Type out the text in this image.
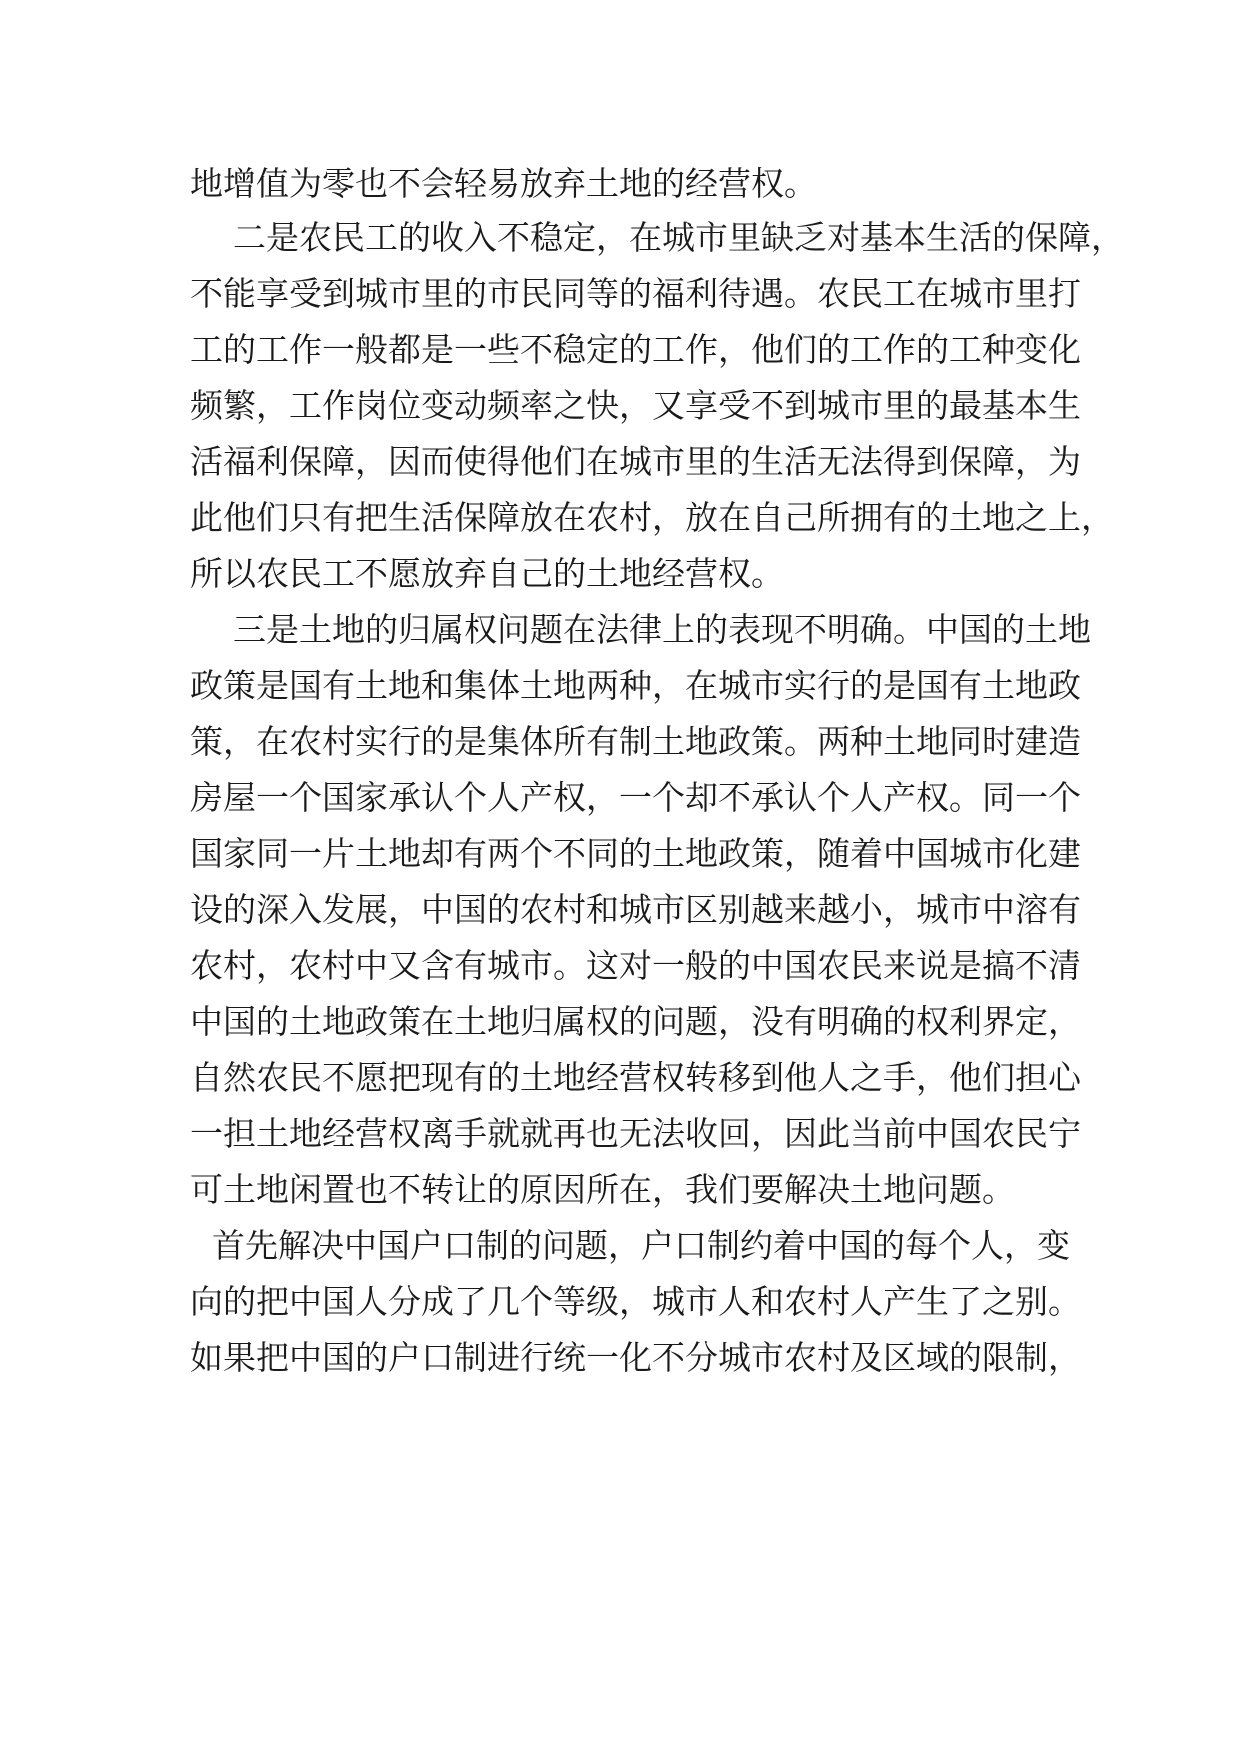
地增值为零也不会轻易放弃土地的经营权。
二是农民工的收入不稳定，在城市里缺乏对基本生活的保障，
不能享受到城市里的市民同等的福利待遇。农民工在城市里打
工的工作一般都是一些不稳定的工作，他们的工作的工种变化
频繁，工作岗位变动频率之快，又享受不到城市里的最基本生
活福利保障，因而使得他们在城市里的生活无法得到保障，为
此他们只有把生活保障放在农村，放在自己所拥有的土地之上，
所以农民工不愿放弃自己的土地经营权。
三是土地的归属权问题在法律上的表现不明确。中国的土地
政策是国有土地和集体土地两种，在城市实行的是国有土地政
策，在农村实行的是集体所有制土地政策。两种土地同时建造
房屋一个国家承认个人产权，一个却不承认个人产权。同一个
国家同一片土地却有两个不同的土地政策，随着中国城市化建
设的深入发展，中国的农村和城市区别越来越小，城市中溶有
农村，农村中又含有城市。这对一般的中国农民来说是搞不清
中国的土地政策在土地归属权的问题，没有明确的权利界定，
自然农民不愿把现有的土地经营权转移到他人之手，他们担心
一担土地经营权离手就就再也无法收回，因此当前中国农民宁
可土地闲置也不转让的原因所在，我们要解决土地问题。
首先解决中国户口制的问题，户口制约着中国的每个人，变
向的把中国人分成了几个等级，城市人和农村人产生了之别。
如果把中国的户口制进行统一化不分城市农村及区域的限制，
